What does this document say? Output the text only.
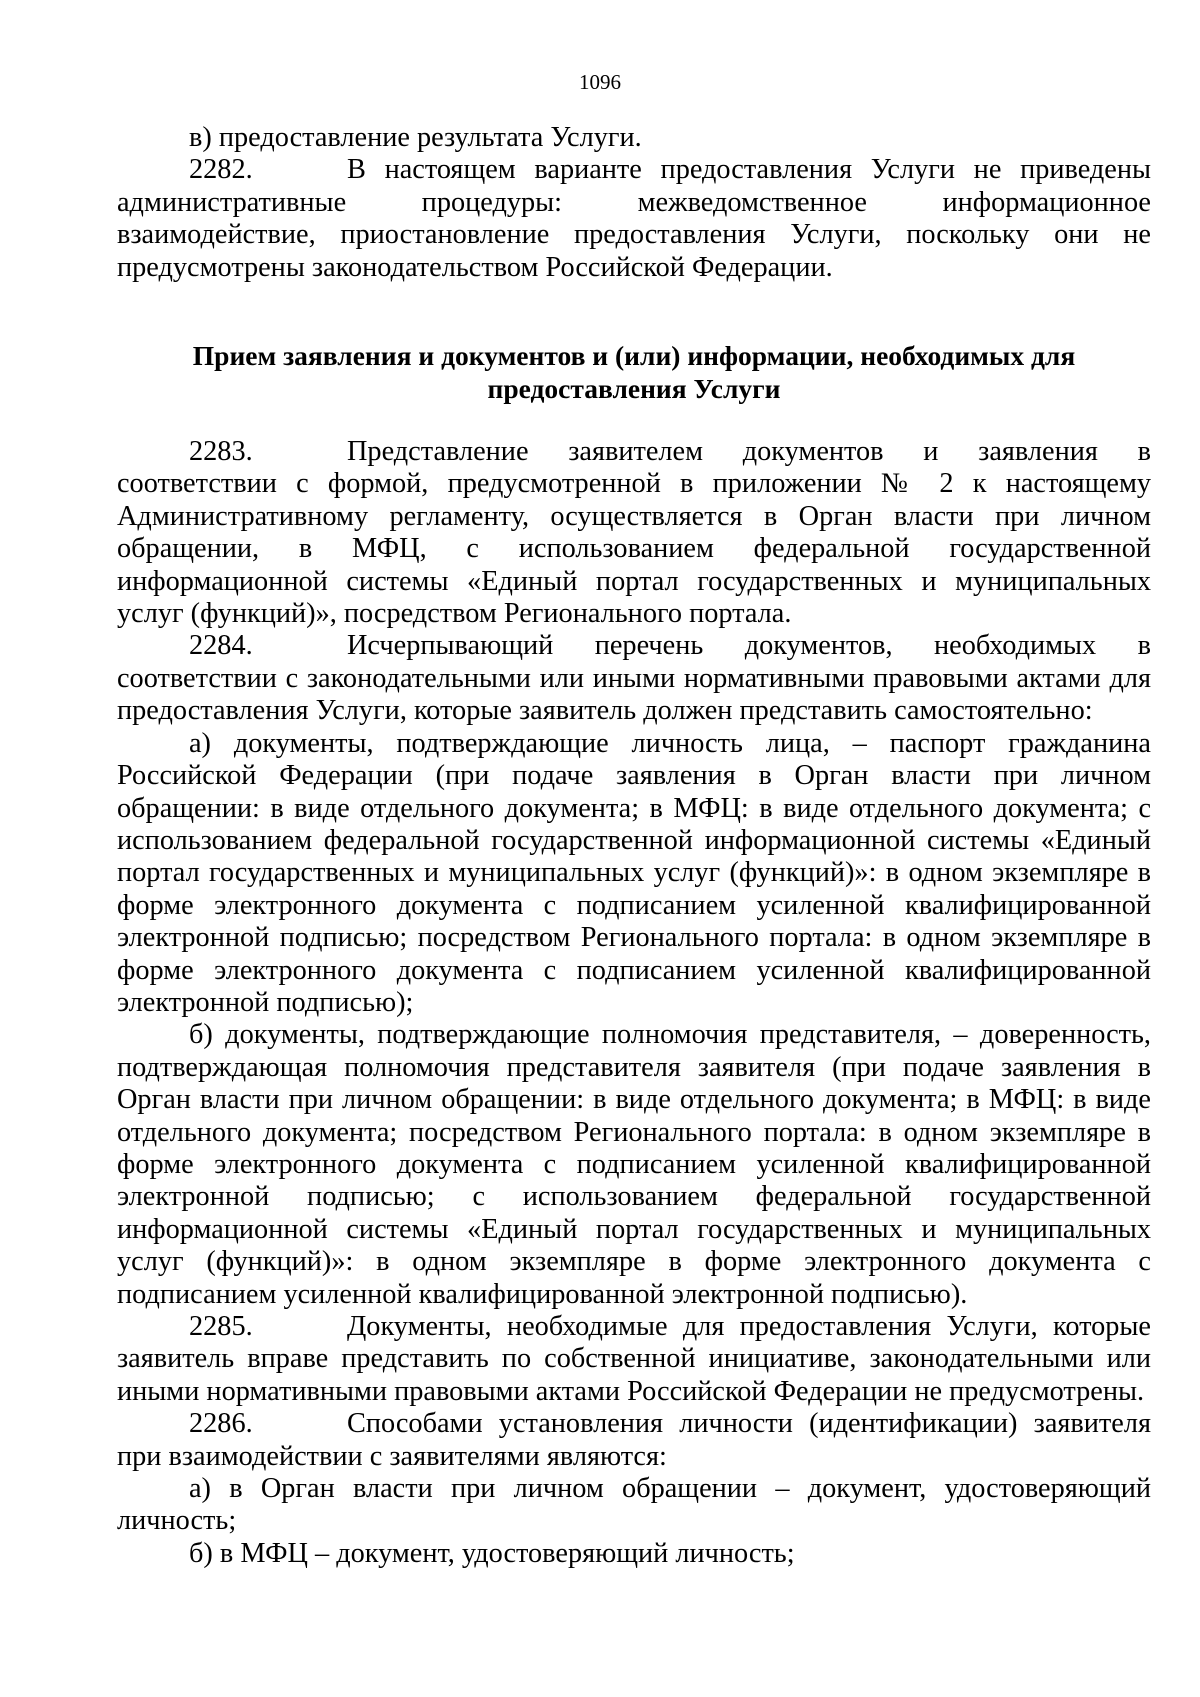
1096

в) предоставление результата Услуги.

2282.	В настоящем варианте предоставления Услуги не приведены административные процедуры: межведомственное информационное взаимодействие, приостановление предоставления Услуги, поскольку они не предусмотрены законодательством Российской Федерации.

Прием заявления и документов и (или) информации, необходимых для предоставления Услуги

2283.	Представление заявителем документов и заявления в соответствии с формой, предусмотренной в приложении № 2 к настоящему Административному регламенту, осуществляется в Орган власти при личном обращении, в МФЦ, с использованием федеральной государственной информационной системы «Единый портал государственных и муниципальных услуг (функций)», посредством Регионального портала.

2284.	Исчерпывающий перечень документов, необходимых в соответствии с законодательными или иными нормативными правовыми актами для предоставления Услуги, которые заявитель должен представить самостоятельно:

а) документы, подтверждающие личность лица, – паспорт гражданина Российской Федерации (при подаче заявления в Орган власти при личном обращении: в виде отдельного документа; в МФЦ: в виде отдельного документа; с использованием федеральной государственной информационной системы «Единый портал государственных и муниципальных услуг (функций)»: в одном экземпляре в форме электронного документа с подписанием усиленной квалифицированной электронной подписью; посредством Регионального портала: в одном экземпляре в форме электронного документа с подписанием усиленной квалифицированной электронной подписью);

б) документы, подтверждающие полномочия представителя, – доверенность, подтверждающая полномочия представителя заявителя (при подаче заявления в Орган власти при личном обращении: в виде отдельного документа; в МФЦ: в виде отдельного документа; посредством Регионального портала: в одном экземпляре в форме электронного документа с подписанием усиленной квалифицированной электронной подписью; с использованием федеральной государственной информационной системы «Единый портал государственных и муниципальных услуг (функций)»: в одном экземпляре в форме электронного документа с подписанием усиленной квалифицированной электронной подписью).

2285.	Документы, необходимые для предоставления Услуги, которые заявитель вправе представить по собственной инициативе, законодательными или иными нормативными правовыми актами Российской Федерации не предусмотрены.

2286.	Способами установления личности (идентификации) заявителя при взаимодействии с заявителями являются:

а) в Орган власти при личном обращении – документ, удостоверяющий личность;

б) в МФЦ – документ, удостоверяющий личность;
